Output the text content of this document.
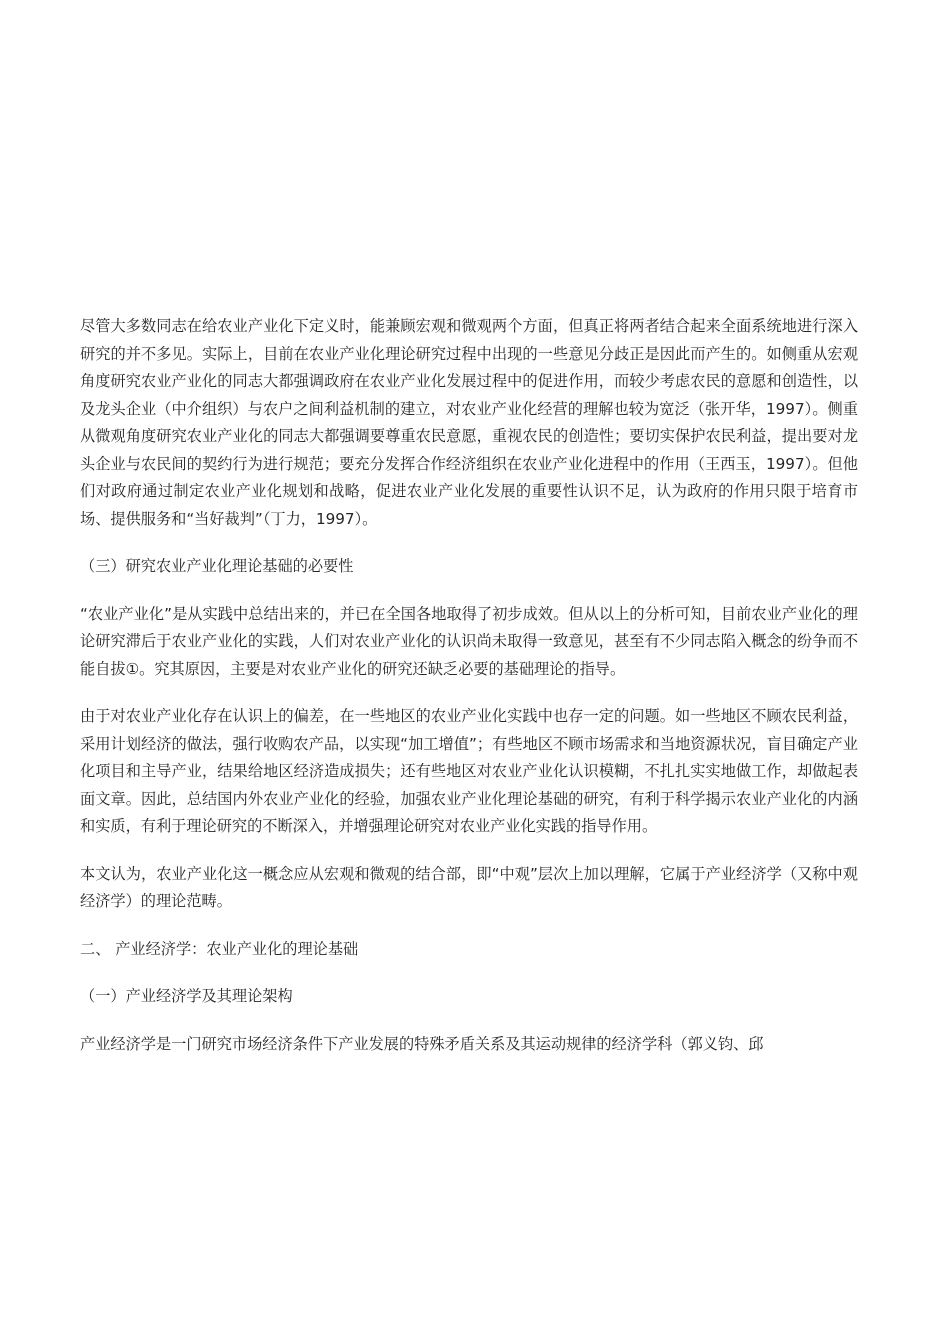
尽管大多数同志在给农业产业化下定义时，能兼顾宏观和微观两个方面，但真正将两者结合起来全面系统地进行深入研究的并不多见。实际上，目前在农业产业化理论研究过程中出现的一些意见分歧正是因此而产生的。如侧重从宏观角度研究农业产业化的同志大都强调政府在农业产业化发展过程中的促进作用，而较少考虑农民的意愿和创造性，以及龙头企业（中介组织）与农户之间利益机制的建立，对农业产业化经营的理解也较为宽泛（张开华，1997）。侧重从微观角度研究农业产业化的同志大都强调要尊重农民意愿，重视农民的创造性；要切实保护农民利益，提出要对龙头企业与农民间的契约行为进行规范；要充分发挥合作经济组织在农业产业化进程中的作用（王西玉，1997）。但他们对政府通过制定农业产业化规划和战略，促进农业产业化发展的重要性认识不足，认为政府的作用只限于培育市场、提供服务和“当好裁判”（丁力，1997）。

（三）研究农业产业化理论基础的必要性

“农业产业化”是从实践中总结出来的，并已在全国各地取得了初步成效。但从以上的分析可知，目前农业产业化的理论研究滞后于农业产业化的实践，人们对农业产业化的认识尚未取得一致意见，甚至有不少同志陷入概念的纷争而不能自拔①。究其原因，主要是对农业产业化的研究还缺乏必要的基础理论的指导。

由于对农业产业化存在认识上的偏差，在一些地区的农业产业化实践中也存一定的问题。如一些地区不顾农民利益，采用计划经济的做法，强行收购农产品，以实现“加工增值”；有些地区不顾市场需求和当地资源状况，盲目确定产业化项目和主导产业，结果给地区经济造成损失；还有些地区对农业产业化认识模糊，不扎扎实实地做工作，却做起表面文章。因此，总结国内外农业产业化的经验，加强农业产业化理论基础的研究，有利于科学揭示农业产业化的内涵和实质，有利于理论研究的不断深入，并增强理论研究对农业产业化实践的指导作用。

本文认为，农业产业化这一概念应从宏观和微观的结合部，即“中观”层次上加以理解，它属于产业经济学（又称中观经济学）的理论范畴。

二、 产业经济学：农业产业化的理论基础

（一）产业经济学及其理论架构

产业经济学是一门研究市场经济条件下产业发展的特殊矛盾关系及其运动规律的经济学科（郭义钧、邱
